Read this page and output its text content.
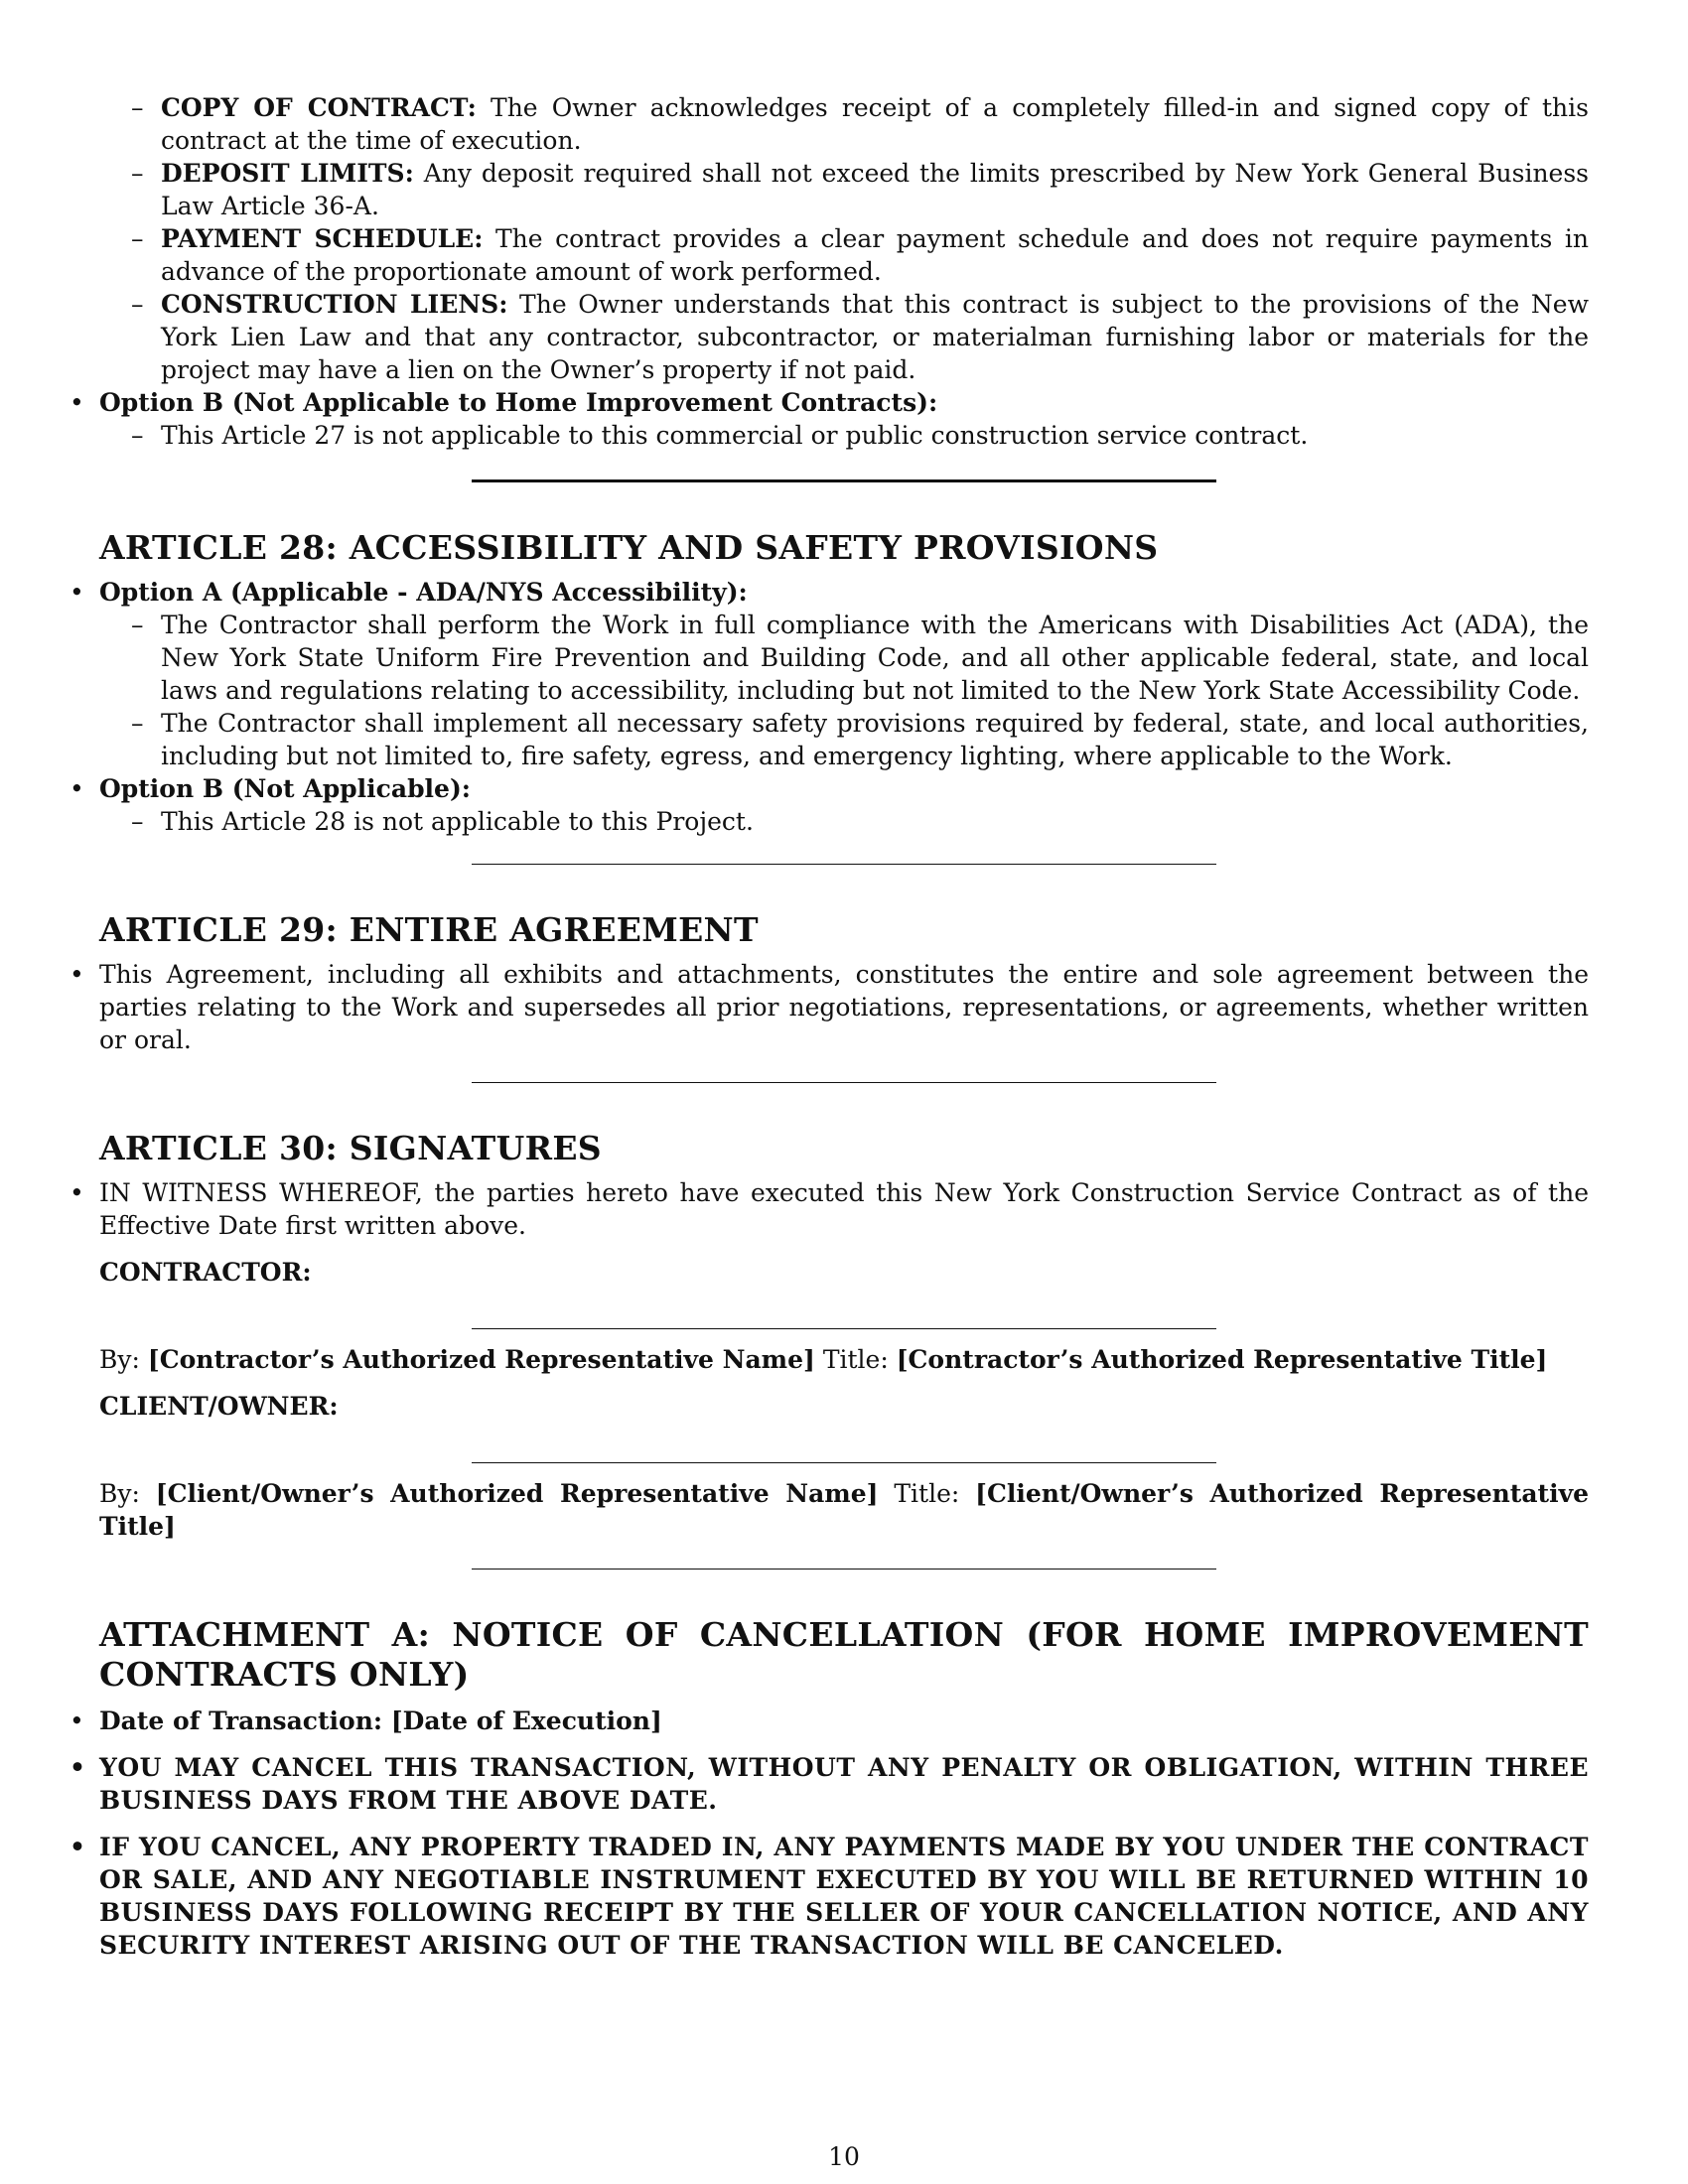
– COPY OF CONTRACT: The Owner acknowledges receipt of a completely filled-in and signed copy of this contract at the time of execution.
– DEPOSIT LIMITS: Any deposit required shall not exceed the limits prescribed by New York General Business Law Article 36-A.
– PAYMENT SCHEDULE: The contract provides a clear payment schedule and does not require payments in advance of the proportionate amount of work performed.
– CONSTRUCTION LIENS: The Owner understands that this contract is subject to the provisions of the New York Lien Law and that any contractor, subcontractor, or materialman furnishing labor or materials for the project may have a lien on the Owner’s property if not paid.
• Option B (Not Applicable to Home Improvement Contracts):
– This Article 27 is not applicable to this commercial or public construction service contract.
ARTICLE 28: ACCESSIBILITY AND SAFETY PROVISIONS
• Option A (Applicable - ADA/NYS Accessibility):
– The Contractor shall perform the Work in full compliance with the Americans with Disabilities Act (ADA), the New York State Uniform Fire Prevention and Building Code, and all other applicable federal, state, and local laws and regulations relating to accessibility, including but not limited to the New York State Accessibility Code.
– The Contractor shall implement all necessary safety provisions required by federal, state, and local authorities, including but not limited to, fire safety, egress, and emergency lighting, where applicable to the Work.
• Option B (Not Applicable):
– This Article 28 is not applicable to this Project.
ARTICLE 29: ENTIRE AGREEMENT
• This Agreement, including all exhibits and attachments, constitutes the entire and sole agreement between the parties relating to the Work and supersedes all prior negotiations, representations, or agreements, whether written or oral.
ARTICLE 30: SIGNATURES
• IN WITNESS WHEREOF, the parties hereto have executed this New York Construction Service Contract as of the Effective Date first written above.
CONTRACTOR:
By: [Contractor’s Authorized Representative Name] Title: [Contractor’s Authorized Representative Title]
CLIENT/OWNER:
By: [Client/Owner’s Authorized Representative Name] Title: [Client/Owner’s Authorized Representative Title]
ATTACHMENT A: NOTICE OF CANCELLATION (FOR HOME IMPROVEMENT CONTRACTS ONLY)
• Date of Transaction: [Date of Execution]
• YOU MAY CANCEL THIS TRANSACTION, WITHOUT ANY PENALTY OR OBLIGATION, WITHIN THREE BUSINESS DAYS FROM THE ABOVE DATE.
• IF YOU CANCEL, ANY PROPERTY TRADED IN, ANY PAYMENTS MADE BY YOU UNDER THE CONTRACT OR SALE, AND ANY NEGOTIABLE INSTRUMENT EXECUTED BY YOU WILL BE RETURNED WITHIN 10 BUSINESS DAYS FOLLOWING RECEIPT BY THE SELLER OF YOUR CANCELLATION NOTICE, AND ANY SECURITY INTEREST ARISING OUT OF THE TRANSACTION WILL BE CANCELED.
10
